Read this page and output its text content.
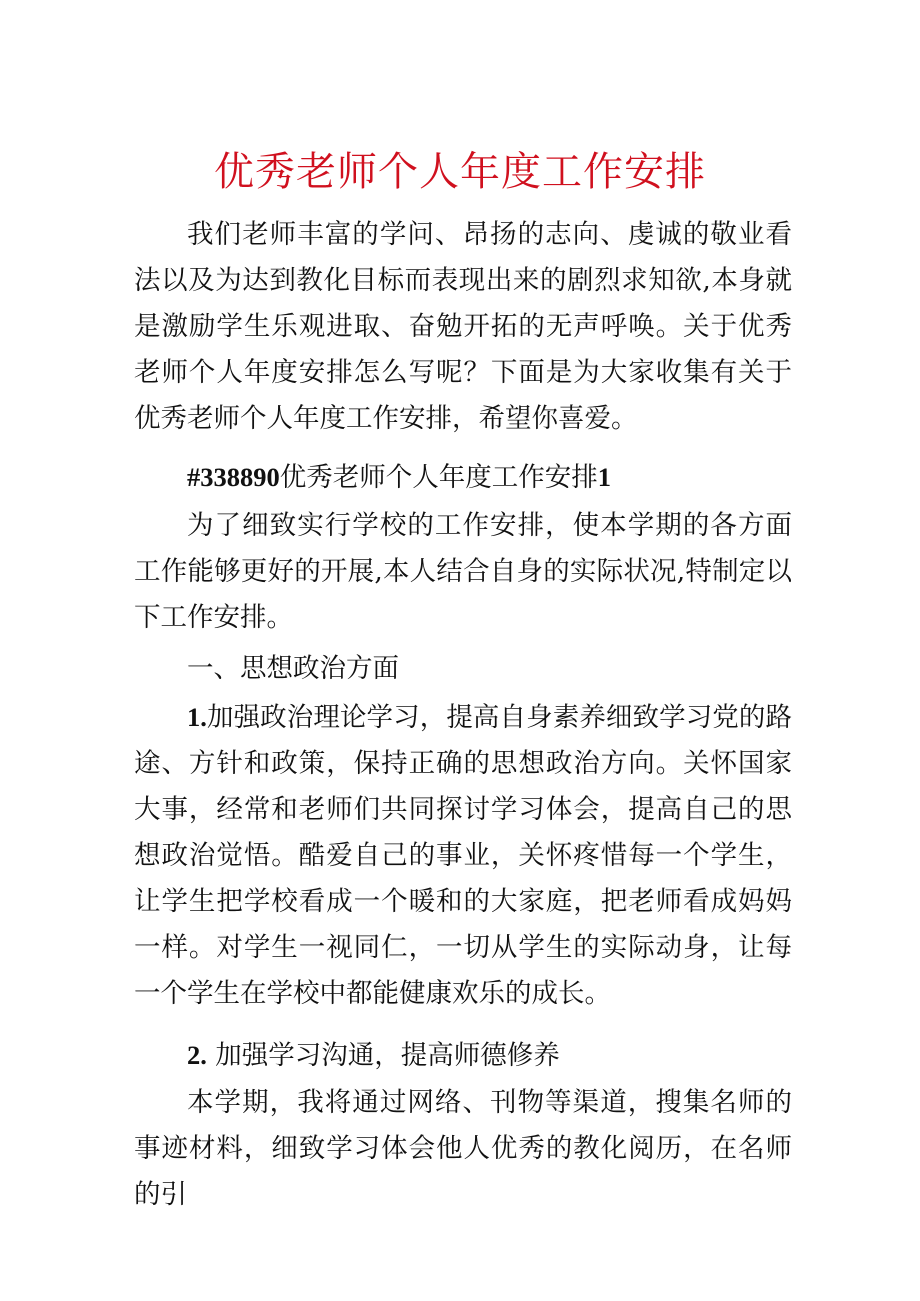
优秀老师个人年度工作安排

我们老师丰富的学问、昂扬的志向、虔诚的敬业看法以及为达到教化目标而表现出来的剧烈求知欲,本身就是激励学生乐观进取、奋勉开拓的无声呼唤。关于优秀老师个人年度安排怎么写呢？下面是为大家收集有关于优秀老师个人年度工作安排，希望你喜爱。

#338890优秀老师个人年度工作安排1

为了细致实行学校的工作安排，使本学期的各方面工作能够更好的开展,本人结合自身的实际状况,特制定以下工作安排。

一、思想政治方面

1.加强政治理论学习，提高自身素养细致学习党的路途、方针和政策，保持正确的思想政治方向。关怀国家大事，经常和老师们共同探讨学习体会，提高自己的思想政治觉悟。酷爱自己的事业，关怀疼惜每一个学生，让学生把学校看成一个暖和的大家庭，把老师看成妈妈一样。对学生一视同仁，一切从学生的实际动身，让每一个学生在学校中都能健康欢乐的成长。

2. 加强学习沟通，提高师德修养

本学期，我将通过网络、刊物等渠道，搜集名师的事迹材料，细致学习体会他人优秀的教化阅历，在名师的引
